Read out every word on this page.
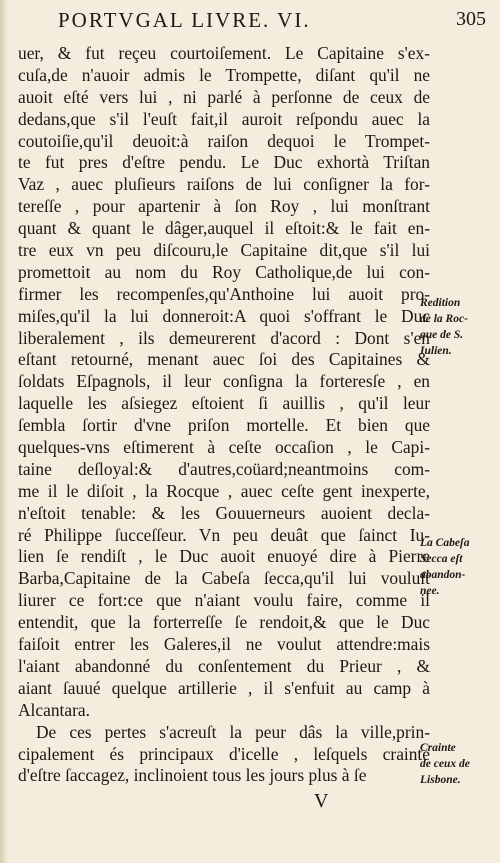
PORTVGAL LIVRE. VI.	305
uer, & fut reçeu courtoiſement. Le Capitaine s'ex-
cuſa,de n'auoir admis le Trompette, diſant qu'il ne
auoit eſté vers lui , ni parlé à perſonne de ceux de
dedans,que s'il l'euſt fait,il auroit reſpondu auec la
coutoiſie,qu'il deuoit:à raiſon dequoi le Trompet-
te fut pres d'eſtre pendu. Le Duc exhortà Triſtan
Vaz , auec pluſieurs raiſons de lui conſigner la for-
tereſſe , pour apartenir à ſon Roy , lui monſtrant
quant & quant le dâger,auquel il eſtoit:& le fait en-
tre eux vn peu diſcouru,le Capitaine dit,que s'il lui
promettoit au nom du Roy Catholique,de lui con-
firmer les recompenſes,qu'Anthoine lui auoit pro-
miſes,qu'il la lui donneroit:A quoi s'offrant le Duc
liberalement , ils demeurerent d'acord : Dont s'en
eſtant retourné, menant auec ſoi des Capitaines &
ſoldats Eſpagnols, il leur conſigna la forteresſe , en
laquelle les aſsiegez eſtoient ſi auillis , qu'il leur
ſembla ſortir d'vne priſon mortelle. Et bien que
quelques-vns eſtimerent à ceſte occaſion , le Capi-
taine deſloyal:& d'autres,coüard;neantmoins com-
me il le diſoit , la Rocque , auec ceſte gent inexperte,
n'eſtoit tenable: & les Gouuerneurs auoient decla-
ré Philippe ſucceſſeur. Vn peu deuât que ſainct Iu-
lien ſe rendiſt , le Duc auoit enuoyé dire à Pierre
Barba,Capitaine de la Cabeſa ſecca,qu'il lui vouluſt
liurer ce fort:ce que n'aiant voulu faire, comme il
entendit, que la forterreſſe ſe rendoit,& que le Duc
faiſoit entrer les Galeres,il ne voulut attendre:mais
l'aiant abandonné du conſentement du Prieur , &
aiant ſauué quelque artillerie , il s'enfuit au camp à
Alcantara.
De ces pertes s'acreuſt la peur dâs la ville,prin-
cipalement és principaux d'icelle , leſquels crainte
d'eſtre ſaccagez, inclinoient tous les jours plus à ſe
V
Redition
de la Roc-
que de S.
Iulien.
La Cabeſa
Secca eſt
abandon-
nee.
Crainte
de ceux de
Lisbone.
